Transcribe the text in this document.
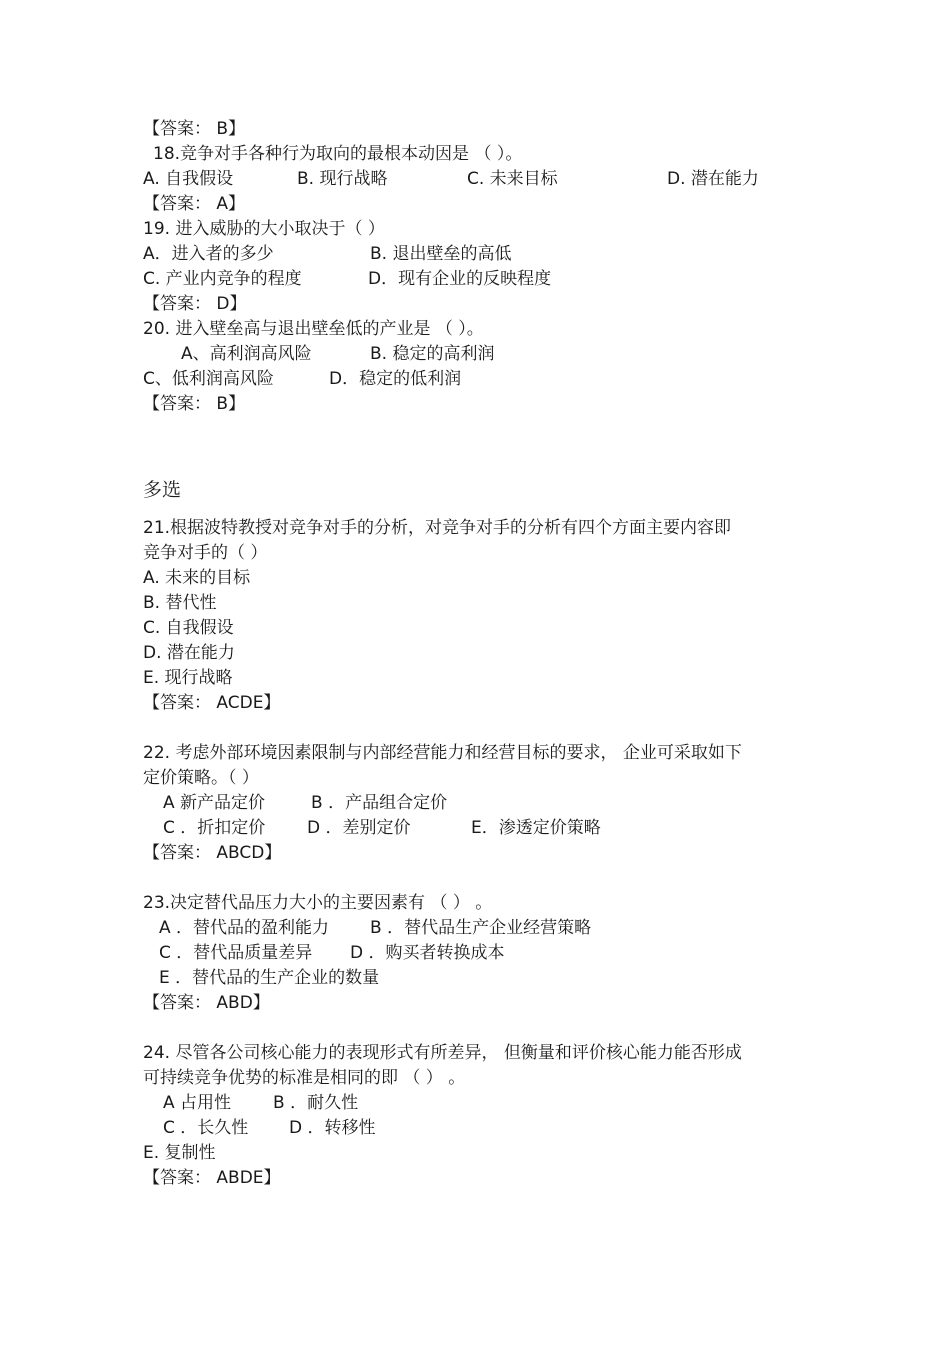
【答案： B】
18.竞争对手各种行为取向的最根本动因是 （ ）。
A. 自我假设	B. 现行战略	C. 未来目标	D. 潜在能力
【答案： A】
19. 进入威胁的大小取决于（ ）
A．进入者的多少	B. 退出壁垒的高低
C. 产业内竞争的程度	D．现有企业的反映程度
【答案： D】
20. 进入壁垒高与退出壁垒低的产业是 （ ）。
A、高利润高风险	B. 稳定的高利润
C、低利润高风险	D．稳定的低利润
【答案： B】
多选
21.根据波特教授对竞争对手的分析，对竞争对手的分析有四个方面主要内容即
竞争对手的（ ）
A. 未来的目标
B. 替代性
C. 自我假设
D. 潜在能力
E. 现行战略
【答案： ACDE】
22. 考虑外部环境因素限制与内部经营能力和经营目标的要求， 企业可采取如下
定价策略。（ ）
A 新产品定价	B ．产品组合定价
C ．折扣定价 D ．差别定价	E．渗透定价策略
【答案： ABCD】
23.决定替代品压力大小的主要因素有 （ ） 。
A ．替代品的盈利能力 B ．替代品生产企业经营策略
C ．替代品质量差异 D ．购买者转换成本
E ．替代品的生产企业的数量
【答案： ABD】
24. 尽管各公司核心能力的表现形式有所差异， 但衡量和评价核心能力能否形成
可持续竞争优势的标准是相同的即 （ ） 。
A 占用性 B ．耐久性
C ．长久性 D ．转移性
E. 复制性
【答案： ABDE】
